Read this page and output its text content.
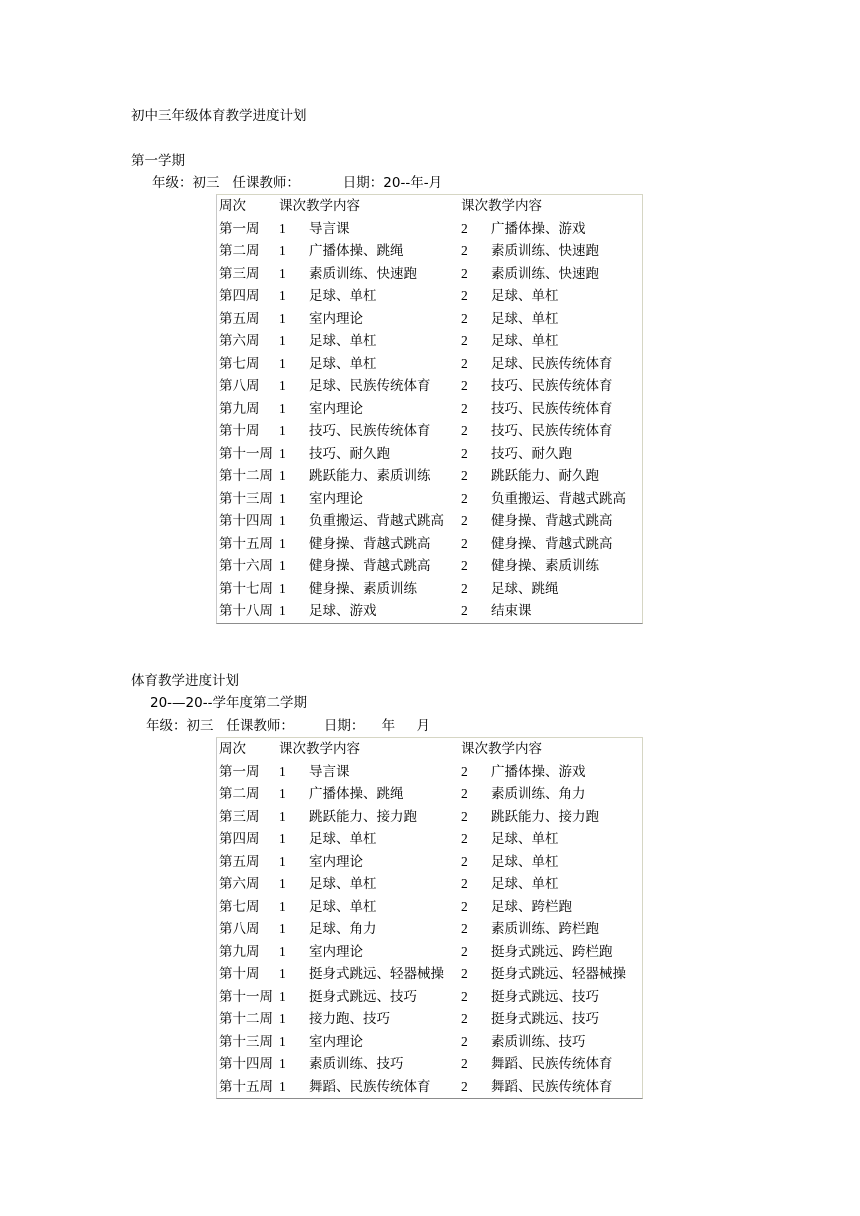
初中三年级体育教学进度计划
第一学期
年级：初三   任课教师：          日期：20--年-月
周次 课次教学内容	课次教学内容
第一周 1 导言课	2 广播体操、游戏
第二周 1 广播体操、跳绳	2 素质训练、快速跑
第三周 1 素质训练、快速跑	2 素质训练、快速跑
第四周 1 足球、单杠	2 足球、单杠
第五周 1 室内理论	2 足球、单杠
第六周 1 足球、单杠	2 足球、单杠
第七周 1 足球、单杠	2 足球、民族传统体育
第八周 1 足球、民族传统体育 2 技巧、民族传统体育
第九周 1 室内理论	2 技巧、民族传统体育
第十周 1 技巧、民族传统体育 2 技巧、民族传统体育
第十一周 1 技巧、耐久跑	2 技巧、耐久跑
第十二周 1 跳跃能力、素质训练 2 跳跃能力、耐久跑
第十三周 1 室内理论	2 负重搬运、背越式跳高
第十四周 1 负重搬运、背越式跳高 2 健身操、背越式跳高
第十五周 1 健身操、背越式跳高 2 健身操、背越式跳高
第十六周 1 健身操、背越式跳高 2 健身操、素质训练
第十七周 1 健身操、素质训练	2 足球、跳绳
第十八周 1 足球、游戏	2 结束课
体育教学进度计划
20-—20--学年度第二学期
年级：初三   任课教师：       日期：    年     月
周次 课次教学内容	课次教学内容
第一周 1 导言课	2 广播体操、游戏
第二周 1 广播体操、跳绳	2 素质训练、角力
第三周 1 跳跃能力、接力跑	2 跳跃能力、接力跑
第四周 1 足球、单杠	2 足球、单杠
第五周 1 室内理论	2 足球、单杠
第六周 1 足球、单杠	2 足球、单杠
第七周 1 足球、单杠	2 足球、跨栏跑
第八周 1 足球、角力	2 素质训练、跨栏跑
第九周 1 室内理论	2 挺身式跳远、跨栏跑
第十周 1 挺身式跳远、轻器械操 2 挺身式跳远、轻器械操
第十一周 1 挺身式跳远、技巧	2 挺身式跳远、技巧
第十二周 1 接力跑、技巧	2 挺身式跳远、技巧
第十三周 1 室内理论	2 素质训练、技巧
第十四周 1 素质训练、技巧	2 舞蹈、民族传统体育
第十五周 1 舞蹈、民族传统体育 2 舞蹈、民族传统体育
